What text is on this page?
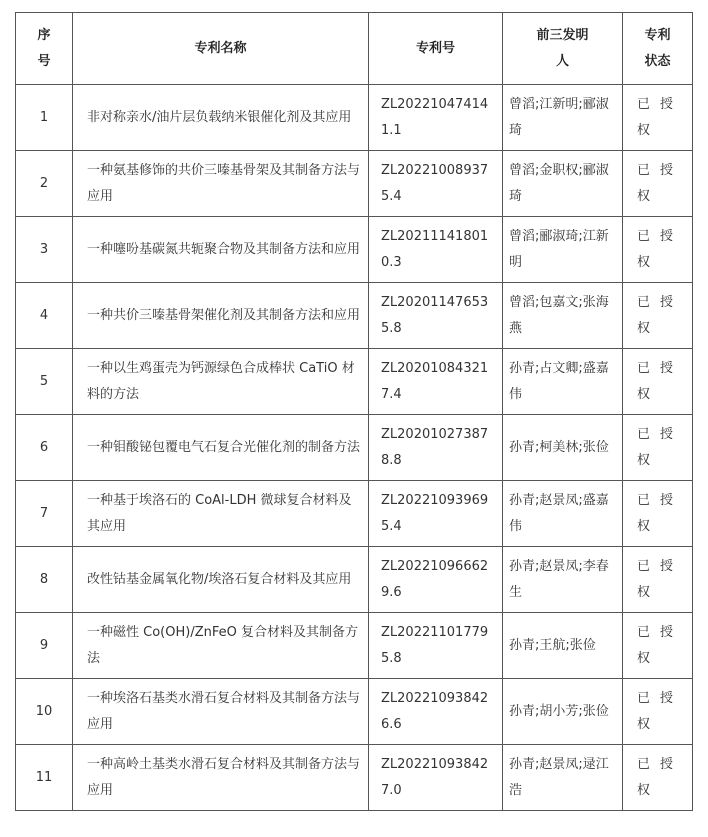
序号	专利名称	专利号	前三发明人	专利状态
1	非对称亲水/油片层负载纳米银催化剂及其应用	ZL202210474141.1	曾滔;江新明;郦淑琦	已授权

2	一种氨基修饰的共价三嗪基骨架及其制备方法与应用	ZL202210089375.4	曾滔;金职权;郦淑琦	已授权

3	一种噻吩基碳氮共轭聚合物及其制备方法和应用	ZL202111418010.3	曾滔;郦淑琦;江新明	已授权

4	一种共价三嗪基骨架催化剂及其制备方法和应用	ZL202011476535.8	曾滔;包嘉文;张海燕	已授权

5	一种以生鸡蛋壳为钙源绿色合成棒状 CaTiO 材料的方法	ZL202010843217.4	孙青;占文卿;盛嘉伟	已授权

6	一种钼酸铋包覆电气石复合光催化剂的制备方法	ZL202010273878.8	孙青;柯美林;张俭	已授权

7	一种基于埃洛石的 CoAl-LDH 微球复合材料及其应用	ZL202210939695.4	孙青;赵景凤;盛嘉伟	已授权

8	改性钴基金属氧化物/埃洛石复合材料及其应用	ZL202210966629.6	孙青;赵景凤;李春生	已授权

9	一种磁性 Co(OH)/ZnFeO 复合材料及其制备方法	ZL202211017795.8	孙青;王航;张俭	已授权

10	一种埃洛石基类水滑石复合材料及其制备方法与应用	ZL202210938426.6	孙青;胡小芳;张俭	已授权

11	一种高岭土基类水滑石复合材料及其制备方法与应用	ZL202210938427.0	孙青;赵景凤;逯江浩	已授权
